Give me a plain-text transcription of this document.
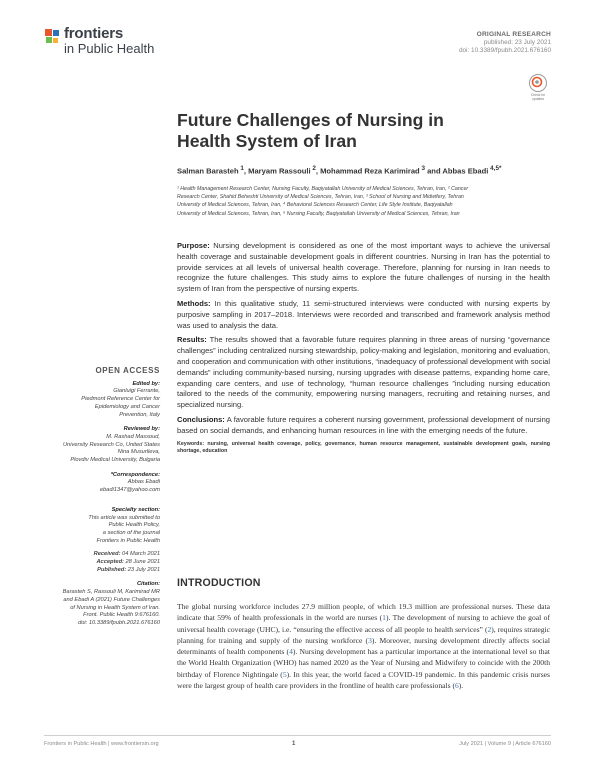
frontiers
in Public Health
ORIGINAL RESEARCH
published: 23 July 2021
doi: 10.3389/fpubh.2021.676160
Check for updates
Future Challenges of Nursing in
Health System of Iran
Salman Barasteh $^1$, Maryam Rassouli $^2$, Mohammad Reza Karimirad $^3$ and Abbas Ebadi $^{4,5*}$
¹ Health Management Research Center, Nursing Faculty, Baqiyatallah University of Medical Sciences, Tehran, Iran, ² Cancer
Research Center, Shahid Beheshti University of Medical Sciences, Tehran, Iran, ³ School of Nursing and Midwifery, Tehran
University of Medical Sciences, Tehran, Iran, ⁴ Behavioral Sciences Research Center, Life Style Institute, Baqiyatallah
University of Medical Sciences, Tehran, Iran, ⁵ Nursing Faculty, Baqiyatallah University of Medical Sciences, Tehran, Iran

Purpose: Nursing development is considered as one of the most important ways to achieve the universal health coverage and sustainable development goals in different countries. Nursing in Iran has the potential to provide services at all levels of universal health coverage. Therefore, planning for nursing in Iran needs to recognize the future challenges. This study aims to explore the future challenges of nursing in the health system of Iran from the perspective of nursing experts.

Methods: In this qualitative study, 11 semi-structured interviews were conducted with nursing experts by purposive sampling in 2017–2018. Interviews were recorded and transcribed and framework analysis method was used to analysis the data.

Results: The results showed that a favorable future requires planning in three areas of nursing “governance challenges” including centralized nursing stewardship, policy-making and legislation, monitoring and evaluation, and cooperation and communication with other institutions, “inadequacy of professional development with social demands” including community-based nursing, nursing upgrades with disease patterns, expanding home care, expanding care centers, and use of technology, “human resource challenges ”including nursing education tailored to the needs of the community, empowering nursing managers, recruiting and retaining nurses, and specialized nursing.

Conclusions: A favorable future requires a coherent nursing government, professional development of nursing based on social demands, and enhancing human resources in line with the emerging needs of the future.

Keywords: nursing, universal health coverage, policy, governance, human resource management, sustainable development goals, nursing shortage, education
OPEN ACCESS
Edited by:
Gianluigi Ferrante,
Piedmont Reference Center for
Epidemiology and Cancer
Prevention, Italy
Reviewed by:
M. Rashad Massoud,
University Research Co, United States
Nina Musurlieva,
Plovdiv Medical University, Bulgaria
*Correspondence:
Abbas Ebadi
ebadi1347@yahoo.com
Specialty section:
This article was submitted to
Public Health Policy,
a section of the journal
Frontiers in Public Health
Received: 04 March 2021
Accepted: 28 June 2021
Published: 23 July 2021
Citation:
Barasteh S, Rassouli M, Karimirad MR
and Ebadi A (2021) Future Challenges
of Nursing in Health System of Iran.
Front. Public Health 9:676160.
doi: 10.3389/fpubh.2021.676160
INTRODUCTION
The global nursing workforce includes 27.9 million people, of which 19.3 million are professional nurses. These data indicate that 59% of health professionals in the world are nurses (1). The development of nursing to achieve the goal of universal health coverage (UHC), i.e. “ensuring the effective access of all people to health services” (2), requires strategic planning for training and supply of the nursing workforce (3). Moreover, nursing development directly affects social determinants of health components (4). Nursing development has a particular importance at the international level so that the World Health Organization (WHO) has named 2020 as the Year of Nursing and Midwifery to coincide with the 200th birthday of Florence Nightingale (5). In this year, the world faced a COVID-19 pandemic. In this pandemic crisis nurses were the largest group of health care providers in the frontline of health care professionals (6).
Frontiers in Public Health | www.frontiersin.org	1	July 2021 | Volume 9 | Article 676160
